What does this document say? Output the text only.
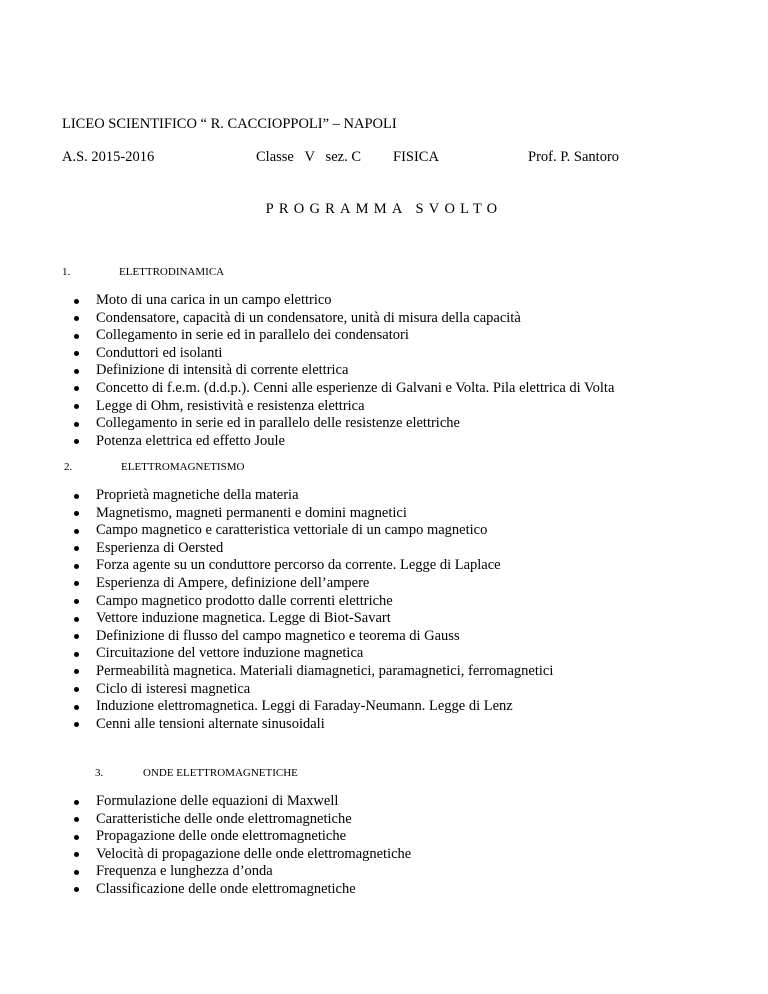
LICEO SCIENTIFICO “ R. CACCIOPPOLI” – NAPOLI
A.S. 2015-2016	Classe   V   sez. C FISICA	Prof. P. Santoro
PROGRAMMA SVOLTO
1.	ELETTRODINAMICA
Moto di una carica in un campo elettrico
Condensatore, capacità di un condensatore, unità di misura della capacità
Collegamento in serie ed in parallelo dei condensatori
Conduttori ed isolanti
Definizione di intensità di corrente elettrica
Concetto di f.e.m. (d.d.p.). Cenni alle esperienze di Galvani e Volta. Pila elettrica di Volta
Legge di Ohm, resistività e resistenza elettrica
Collegamento in serie ed in parallelo delle resistenze elettriche
Potenza elettrica ed effetto Joule
2.	ELETTROMAGNETISMO
Proprietà magnetiche della materia
Magnetismo, magneti permanenti e domini magnetici
Campo magnetico e caratteristica vettoriale di un campo magnetico
Esperienza di Oersted
Forza agente su un conduttore percorso da corrente. Legge di Laplace
Esperienza di Ampere, definizione dell’ampere
Campo magnetico prodotto dalle correnti elettriche
Vettore induzione magnetica. Legge di Biot-Savart
Definizione di flusso del campo magnetico e teorema di Gauss
Circuitazione del vettore induzione magnetica
Permeabilità magnetica. Materiali diamagnetici, paramagnetici, ferromagnetici
Ciclo di isteresi magnetica
Induzione elettromagnetica. Leggi di Faraday-Neumann. Legge di Lenz
Cenni alle tensioni alternate sinusoidali
3.	ONDE ELETTROMAGNETICHE
Formulazione delle equazioni di Maxwell
Caratteristiche delle onde elettromagnetiche
Propagazione delle onde elettromagnetiche
Velocità di propagazione delle onde elettromagnetiche
Frequenza e lunghezza d’onda
Classificazione delle onde elettromagnetiche
